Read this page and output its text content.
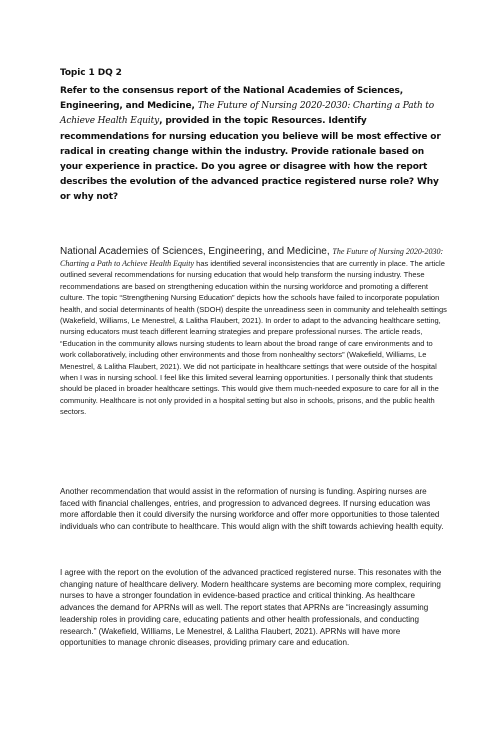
Topic 1 DQ 2
Refer to the consensus report of the National Academies of Sciences, Engineering, and Medicine, The Future of Nursing 2020-2030: Charting a Path to Achieve Health Equity, provided in the topic Resources. Identify recommendations for nursing education you believe will be most effective or radical in creating change within the industry. Provide rationale based on your experience in practice. Do you agree or disagree with how the report describes the evolution of the advanced practice registered nurse role? Why or why not?
National Academies of Sciences, Engineering, and Medicine, The Future of Nursing 2020-2030: Charting a Path to Achieve Health Equity has identified several inconsistencies that are currently in place. The article outlined several recommendations for nursing education that would help transform the nursing industry. These recommendations are based on strengthening education within the nursing workforce and promoting a different culture. The topic “Strengthening Nursing Education” depicts how the schools have failed to incorporate population health, and social determinants of health (SDOH) despite the unreadiness seen in community and telehealth settings (Wakefield, Williams, Le Menestrel, & Lalitha Flaubert, 2021). In order to adapt to the advancing healthcare setting, nursing educators must teach different learning strategies and prepare professional nurses. The article reads, “Education in the community allows nursing students to learn about the broad range of care environments and to work collaboratively, including other environments and those from nonhealthy sectors” (Wakefield, Williams, Le Menestrel, & Lalitha Flaubert, 2021). We did not participate in healthcare settings that were outside of the hospital when I was in nursing school. I feel like this limited several learning opportunities. I personally think that students should be placed in broader healthcare settings. This would give them much-needed exposure to care for all in the community. Healthcare is not only provided in a hospital setting but also in schools, prisons, and the public health sectors.
Another recommendation that would assist in the reformation of nursing is funding. Aspiring nurses are faced with financial challenges, entries, and progression to advanced degrees. If nursing education was more affordable then it could diversify the nursing workforce and offer more opportunities to those talented individuals who can contribute to healthcare. This would align with the shift towards achieving health equity.
I agree with the report on the evolution of the advanced practiced registered nurse. This resonates with the changing nature of healthcare delivery. Modern healthcare systems are becoming more complex, requiring nurses to have a stronger foundation in evidence-based practice and critical thinking. As healthcare advances the demand for APRNs will as well. The report states that APRNs are “increasingly assuming leadership roles in providing care, educating patients and other health professionals, and conducting research.” (Wakefield, Williams, Le Menestrel, & Lalitha Flaubert, 2021). APRNs will have more opportunities to manage chronic diseases, providing primary care and education.
